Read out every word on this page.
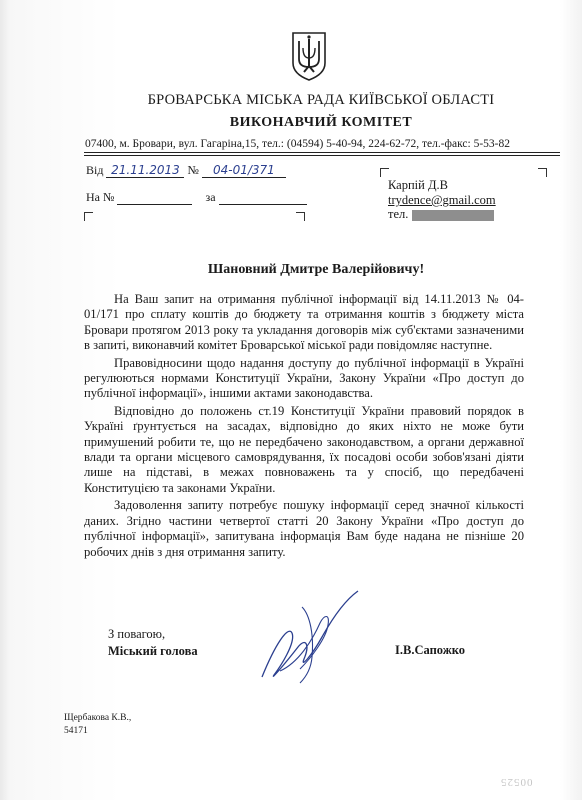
БРОВАРСЬКА МІСЬКА РАДА КИЇВСЬКОЇ ОБЛАСТІ
ВИКОНАВЧИЙ КОМІТЕТ
07400, м. Бровари, вул. Гагаріна,15, тел.: (04594) 5-40-94, 224-62-72, тел.-факс: 5-53-82
Від 21.11.2013 № 04-01/371
На №	за
Карпій Д.В
trydence@gmail.com
тел.
Шановний Дмитре Валерійовичу!

На Ваш запит на отримання публічної інформації від 14.11.2013 № 04-01/171 про сплату коштів до бюджету та отримання коштів з бюджету міста Бровари протягом 2013 року та укладання договорів між суб'єктами зазначеними в запиті, виконавчий комітет Броварської міської ради повідомляє наступне.

Правовідносини щодо надання доступу до публічної інформації в Україні регулюються нормами Конституції України, Закону України «Про доступ до публічної інформації», іншими актами законодавства.

Відповідно до положень ст.19 Конституції України правовий порядок в Україні ґрунтується на засадах, відповідно до яких ніхто не може бути примушений робити те, що не передбачено законодавством, а органи державної влади та органи місцевого самоврядування, їх посадові особи зобов'язані діяти лише на підставі, в межах повноважень та у спосіб, що передбачені Конституцією та законами України.

Задоволення запиту потребує пошуку інформації серед значної кількості даних. Згідно частини четвертої статті 20 Закону України «Про доступ до публічної інформації», запитувана інформація Вам буде надана не пізніше 20 робочих днів з дня отримання запиту.

З повагою,
Міський голова	І.В.Сапожко
Щербакова К.В.,
54171
00525
